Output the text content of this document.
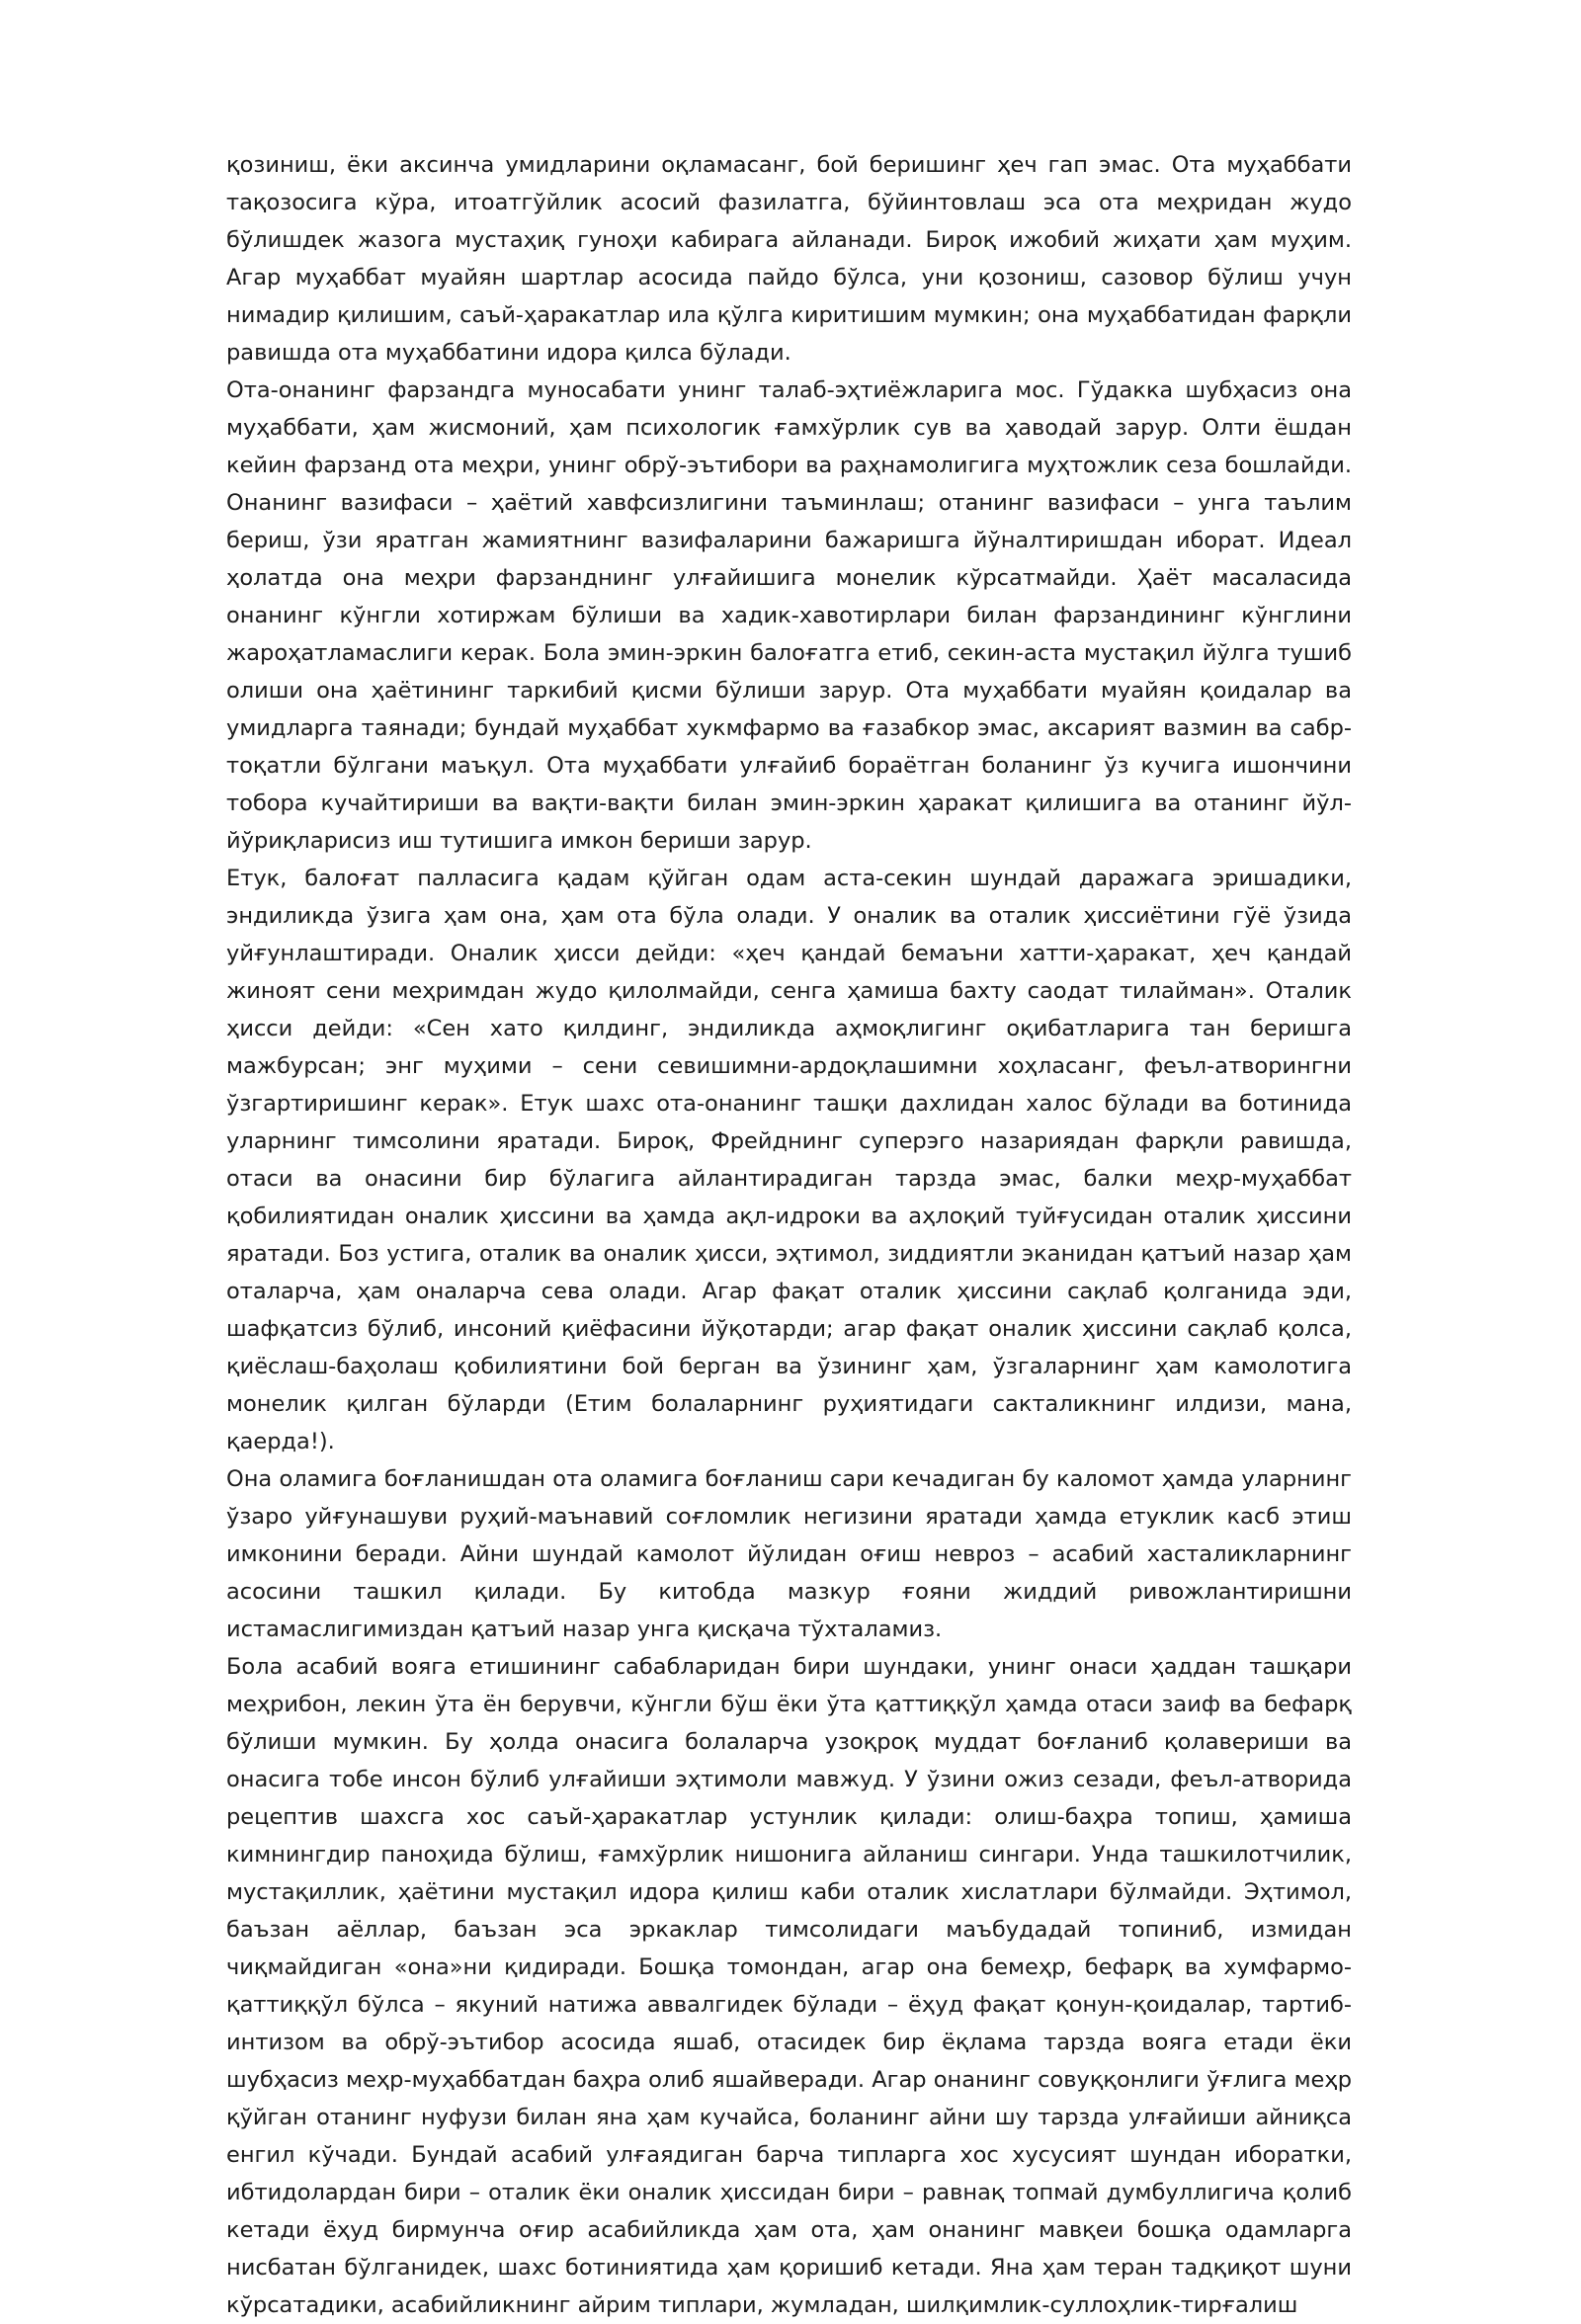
қозиниш, ёки аксинча умидларини оқламасанг, бой беришинг ҳеч гап эмас. Ота муҳаббати тақозосига кўра, итоатгўйлик асосий фазилатга, бўйинтовлаш эса ота меҳридан жудо бўлишдек жазога мустаҳиқ гуноҳи кабирага айланади. Бироқ ижобий жиҳати ҳам муҳим. Агар муҳаббат муайян шартлар асосида пайдо бўлса, уни қозониш, сазовор бўлиш учун нимадир қилишим, саъй-ҳаракатлар ила қўлга киритишим мумкин; она муҳаббатидан фарқли равишда ота муҳаббатини идора қилса бўлади.

Ота-онанинг фарзандга муносабати унинг талаб-эҳтиёжларига мос. Гўдакка шубҳасиз она муҳаббати, ҳам жисмоний, ҳам психологик ғамхўрлик сув ва ҳаводай зарур. Олти ёшдан кейин фарзанд ота меҳри, унинг обрў-эътибори ва раҳнамолигига муҳтожлик сеза бошлайди. Онанинг вазифаси – ҳаётий хавфсизлигини таъминлаш; отанинг вазифаси – унга таълим бериш, ўзи яратган жамиятнинг вазифаларини бажаришга йўналтиришдан иборат. Идеал ҳолатда она меҳри фарзанднинг улғайишига монелик кўрсатмайди. Ҳаёт масаласида онанинг кўнгли хотиржам бўлиши ва хадик-хавотирлари билан фарзандининг кўнглини жароҳатламаслиги керак. Бола эмин-эркин балоғатга етиб, секин-аста мустақил йўлга тушиб олиши она ҳаётининг таркибий қисми бўлиши зарур. Ота муҳаббати муайян қоидалар ва умидларга таянади; бундай муҳаббат хукмфармо ва ғазабкор эмас, аксарият вазмин ва сабр-тоқатли бўлгани маъқул. Ота муҳаббати улғайиб бораётган боланинг ўз кучига ишончини тобора кучайтириши ва вақти-вақти билан эмин-эркин ҳаракат қилишига ва отанинг йўл-йўриқларисиз иш тутишига имкон бериши зарур.

Етук, балоғат палласига қадам қўйган одам аста-секин шундай даражага эришадики, эндиликда ўзига ҳам она, ҳам ота бўла олади. У оналик ва оталик ҳиссиётини гўё ўзида уйғунлаштиради. Оналик ҳисси дейди: «ҳеч қандай бемаъни хатти-ҳаракат, ҳеч қандай жиноят сени меҳримдан жудо қилолмайди, сенга ҳамиша бахту саодат тилайман». Оталик ҳисси дейди: «Сен хато қилдинг, эндиликда аҳмоқлигинг оқибатларига тан беришга мажбурсан; энг муҳими – сени севишимни-ардоқлашимни хоҳласанг, феъл-атворингни ўзгартиришинг керак». Етук шахс ота-онанинг ташқи дахлидан халос бўлади ва ботинида уларнинг тимсолини яратади. Бироқ, Фрейднинг суперэго назариядан фарқли равишда, отаси ва онасини бир бўлагига айлантирадиган тарзда эмас, балки меҳр-муҳаббат қобилиятидан оналик ҳиссини ва ҳамда ақл-идроки ва аҳлоқий туйғусидан оталик ҳиссини яратади. Боз устига, оталик ва оналик ҳисси, эҳтимол, зиддиятли эканидан қатъий назар ҳам оталарча, ҳам оналарча сева олади. Агар фақат оталик ҳиссини сақлаб қолганида эди, шафқатсиз бўлиб, инсоний қиёфасини йўқотарди; агар фақат оналик ҳиссини сақлаб қолса, қиёслаш-баҳолаш қобилиятини бой берган ва ўзининг ҳам, ўзгаларнинг ҳам камолотига монелик қилган бўларди (Етим болаларнинг руҳиятидаги сакталикнинг илдизи, мана, қаерда!).

Она оламига боғланишдан ота оламига боғланиш сари кечадиган бу каломот ҳамда уларнинг ўзаро уйғунашуви руҳий-маънавий соғломлик негизини яратади ҳамда етуклик касб этиш имконини беради. Айни шундай камолот йўлидан оғиш невроз – асабий хасталикларнинг асосини ташкил қилади. Бу китобда мазкур ғояни жиддий ривожлантиришни истамаслигимиздан қатъий назар унга қисқача тўхталамиз.

Бола асабий вояга етишининг сабабларидан бири шундаки, унинг онаси ҳаддан ташқари меҳрибон, лекин ўта ён берувчи, кўнгли бўш ёки ўта қаттиққўл ҳамда отаси заиф ва бефарқ бўлиши мумкин. Бу ҳолда онасига болаларча узоқроқ муддат боғланиб қолавериши ва онасига тобе инсон бўлиб улғайиши эҳтимоли мавжуд. У ўзини ожиз сезади, феъл-атворида рецептив шахсга хос саъй-ҳаракатлар устунлик қилади: олиш-баҳра топиш, ҳамиша кимнингдир паноҳида бўлиш, ғамхўрлик нишонига айланиш сингари. Унда ташкилотчилик, мустақиллик, ҳаётини мустақил идора қилиш каби оталик хислатлари бўлмайди. Эҳтимол, баъзан аёллар, баъзан эса эркаклар тимсолидаги маъбудадай топиниб, измидан чиқмайдиган «она»ни қидиради. Бошқа томондан, агар она бемеҳр, бефарқ ва хумфармо-қаттиққўл бўлса – якуний натижа аввалгидек бўлади – ёҳуд фақат қонун-қоидалар, тартиб-интизом ва обрў-эътибор асосида яшаб, отасидек бир ёқлама тарзда вояга етади ёки шубҳасиз меҳр-муҳаббатдан баҳра олиб яшайверади. Агар онанинг совуққонлиги ўғлига меҳр қўйган отанинг нуфузи билан яна ҳам кучайса, боланинг айни шу тарзда улғайиши айниқса енгил кўчади. Бундай асабий улғаядиган барча типларга хос хусусият шундан иборатки, ибтидолардан бири – оталик ёки оналик ҳиссидан бири – равнақ топмай думбуллигича қолиб кетади ёҳуд бирмунча оғир асабийликда ҳам ота, ҳам онанинг мавқеи бошқа одамларга нисбатан бўлганидек, шахс ботиниятида ҳам қоришиб кетади. Яна ҳам теран тадқиқот шуни кўрсатадики, асабийликнинг айрим типлари, жумладан, шилқимлик-суллоҳлик-тирғалиш
